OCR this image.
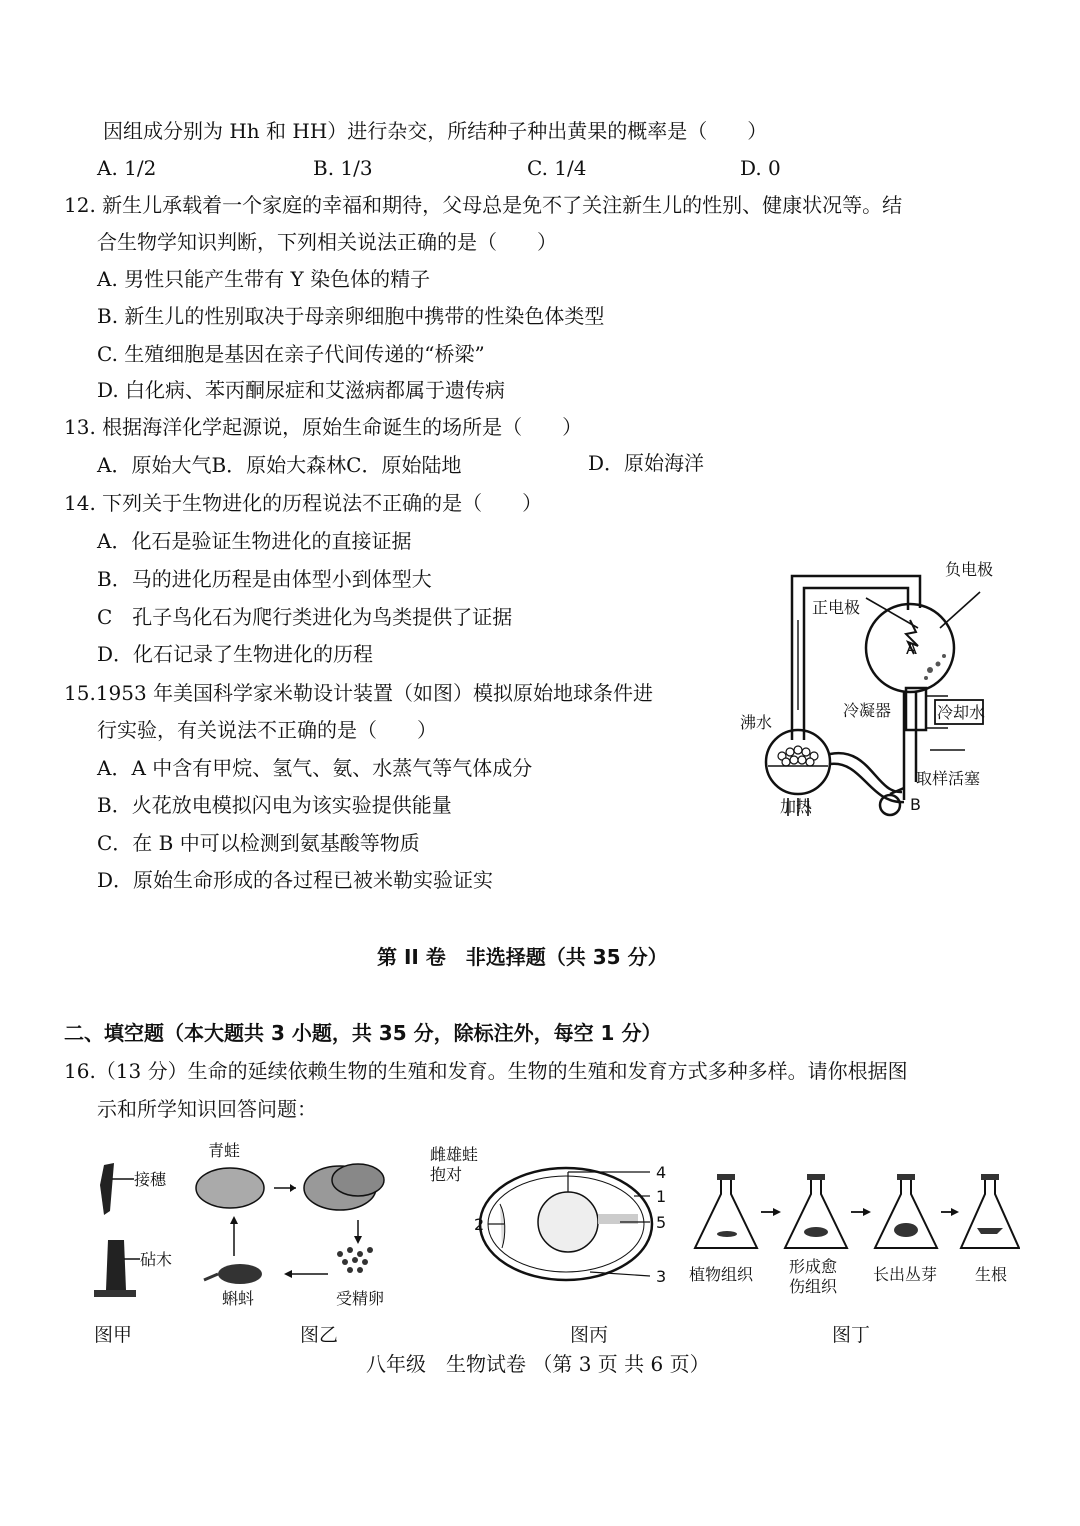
因组成分别为 Hh 和 HH）进行杂交，所结种子种出黄果的概率是（　　）
A. 1/2	B. 1/3	C. 1/4	D. 0
12. 新生儿承载着一个家庭的幸福和期待，父母总是免不了关注新生儿的性别、健康状况等。结
合生物学知识判断，下列相关说法正确的是（　　）
A. 男性只能产生带有 Y 染色体的精子
B. 新生儿的性别取决于母亲卵细胞中携带的性染色体类型
C. 生殖细胞是基因在亲子代间传递的“桥梁”
D. 白化病、苯丙酮尿症和艾滋病都属于遗传病
13. 根据海洋化学起源说，原始生命诞生的场所是（　　）
A．原始大气B．原始大森林C．原始陆地	D．原始海洋
14. 下列关于生物进化的历程说法不正确的是（　　）
A．化石是验证生物进化的直接证据
B．马的进化历程是由体型小到体型大
C　孔子鸟化石为爬行类进化为鸟类提供了证据
D．化石记录了生物进化的历程
15.1953 年美国科学家米勒设计装置（如图）模拟原始地球条件进
行实验，有关说法不正确的是（　　）
A．A 中含有甲烷、氢气、氨、水蒸气等气体成分
B．火花放电模拟闪电为该实验提供能量
C．在 B 中可以检测到氨基酸等物质
D．原始生命形成的各过程已被米勒实验证实
负电极
正电极
A
冷凝器	冷却水
沸水
取样活塞
加热	B
第 II 卷　非选择题（共 35 分）
二、填空题（本大题共 3 小题，共 35 分，除标注外，每空 1 分）
16.（13 分）生命的延续依赖生物的生殖和发育。生物的生殖和发育方式多种多样。请你根据图
示和所学知识回答问题：
接穗
砧木
图甲
青蛙	雌雄蛙
抱对
蝌蚪	受精卵
图乙
4
1
5
3
2
图丙
植物组织 形成愈
伤组织
长出丛芽 生根
图丁
八年级　生物试卷 （第 3 页 共 6 页）
